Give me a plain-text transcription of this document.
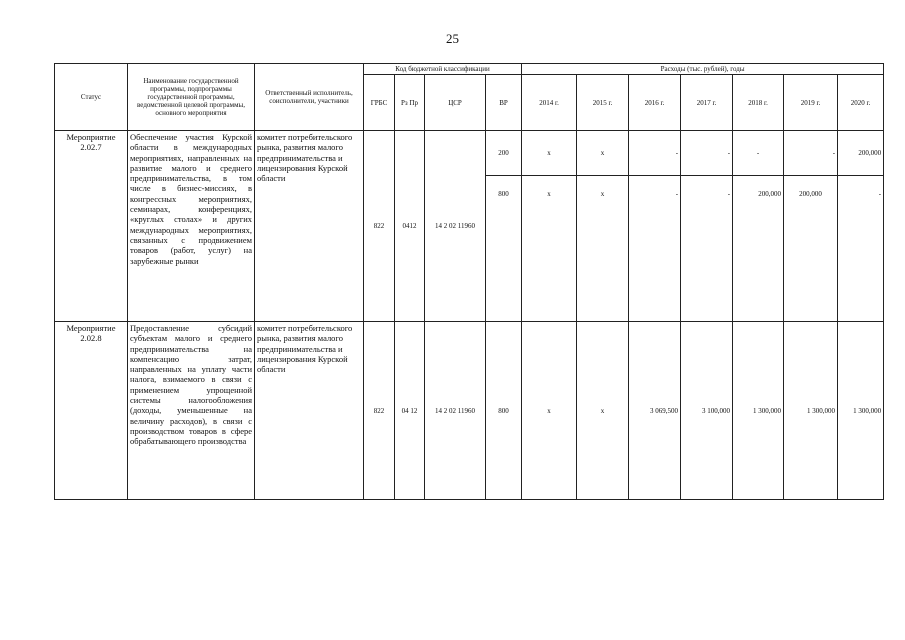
25
Статус	Наименование государственной программы, подпрограммы государственной программы, ведомственной целевой программы, основного мероприятия	Ответственный исполнитель, соисполнители, участники	Код бюджетной классификации				Расходы (тыс. рублей), годы						
			ГРБС	Рз Пр	ЦСР	ВР	2014 г.	2015 г.	2016 г.	2017 г.	2018 г.	2019 г.	2020 г.
Мероприятие 2.02.7	Обеспечение участия Курской области в международных мероприятиях, направленных на развитие малого и среднего предпринимательства, в том числе в бизнес-миссиях, в конгрессных мероприятиях, семинарах, конференциях, «круглых столах» и других международных мероприятиях, связанных с продвижением товаров (работ, услуг) на зарубежные рынки	комитет потребительского рынка, развития малого предпринимательства и лицензирования Курской области	822	0412	14 2 02 11960	200	х	х	-	-	-	-	200,000
						800	х	х	-	-	200,000	200,000	-
Мероприятие 2.02.8	Предоставление субсидий субъектам малого и среднего предпринимательства на компенсацию затрат, направленных на уплату части налога, взимаемого в связи с применением упрощенной системы налогообложения (доходы, уменьшенные на величину расходов), в связи с производством товаров в сфере обрабатывающего производства	комитет потребительского рынка, развития малого предпринимательства и лицензирования Курской области	822	04 12	14 2 02 11960	800	х	х	3 069,500	3 100,000	1 300,000	1 300,000	1 300,000
